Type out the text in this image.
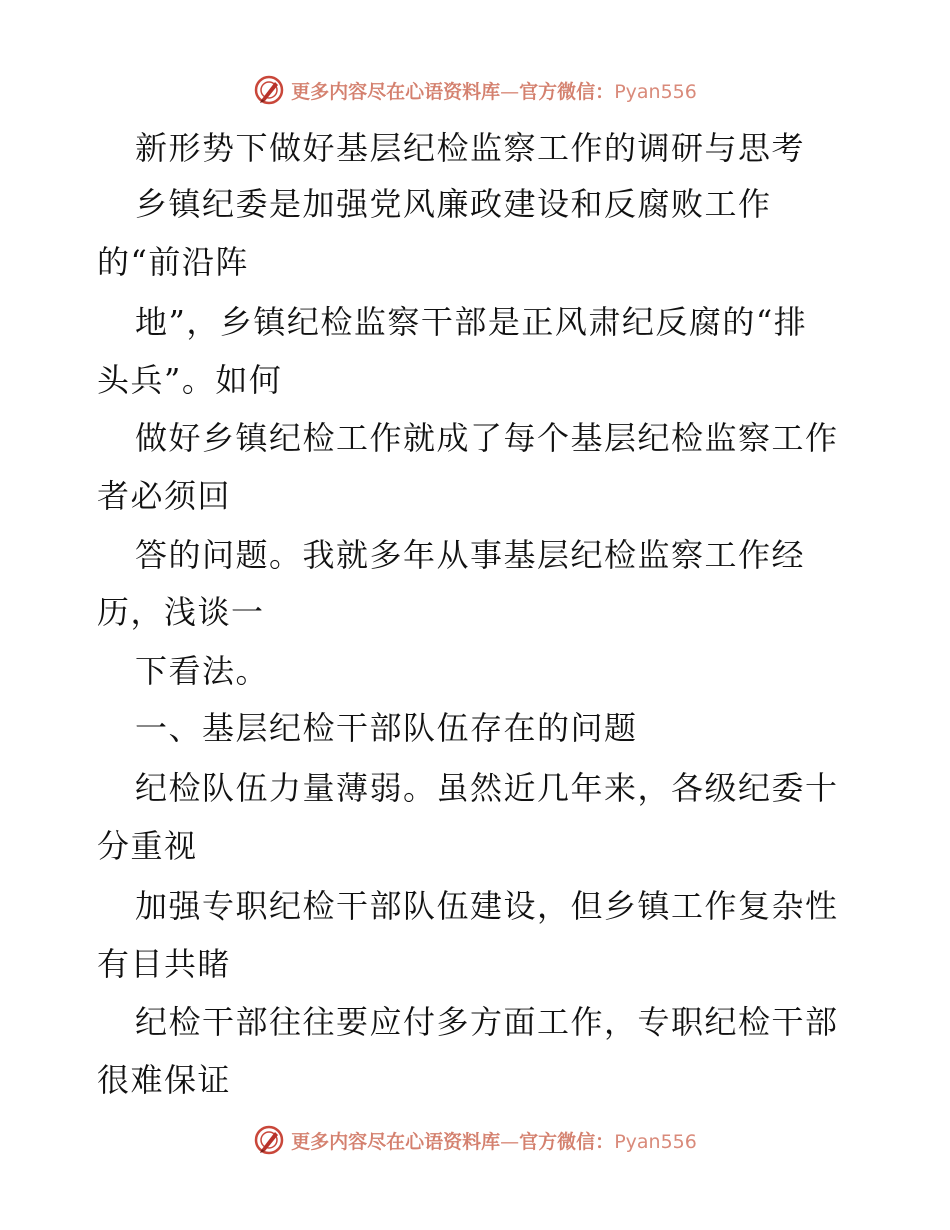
更多内容尽在心语资料库—官方微信：Pyan556
新形势下做好基层纪检监察工作的调研与思考
乡镇纪委是加强党风廉政建设和反腐败工作
的“前沿阵
地”，乡镇纪检监察干部是正风肃纪反腐的“排
头兵”。如何
做好乡镇纪检工作就成了每个基层纪检监察工作
者必须回
答的问题。我就多年从事基层纪检监察工作经
历，浅谈一
下看法。
一、基层纪检干部队伍存在的问题
纪检队伍力量薄弱。虽然近几年来，各级纪委十
分重视
加强专职纪检干部队伍建设，但乡镇工作复杂性
有目共睹
纪检干部往往要应付多方面工作，专职纪检干部
很难保证
更多内容尽在心语资料库—官方微信：Pyan556
